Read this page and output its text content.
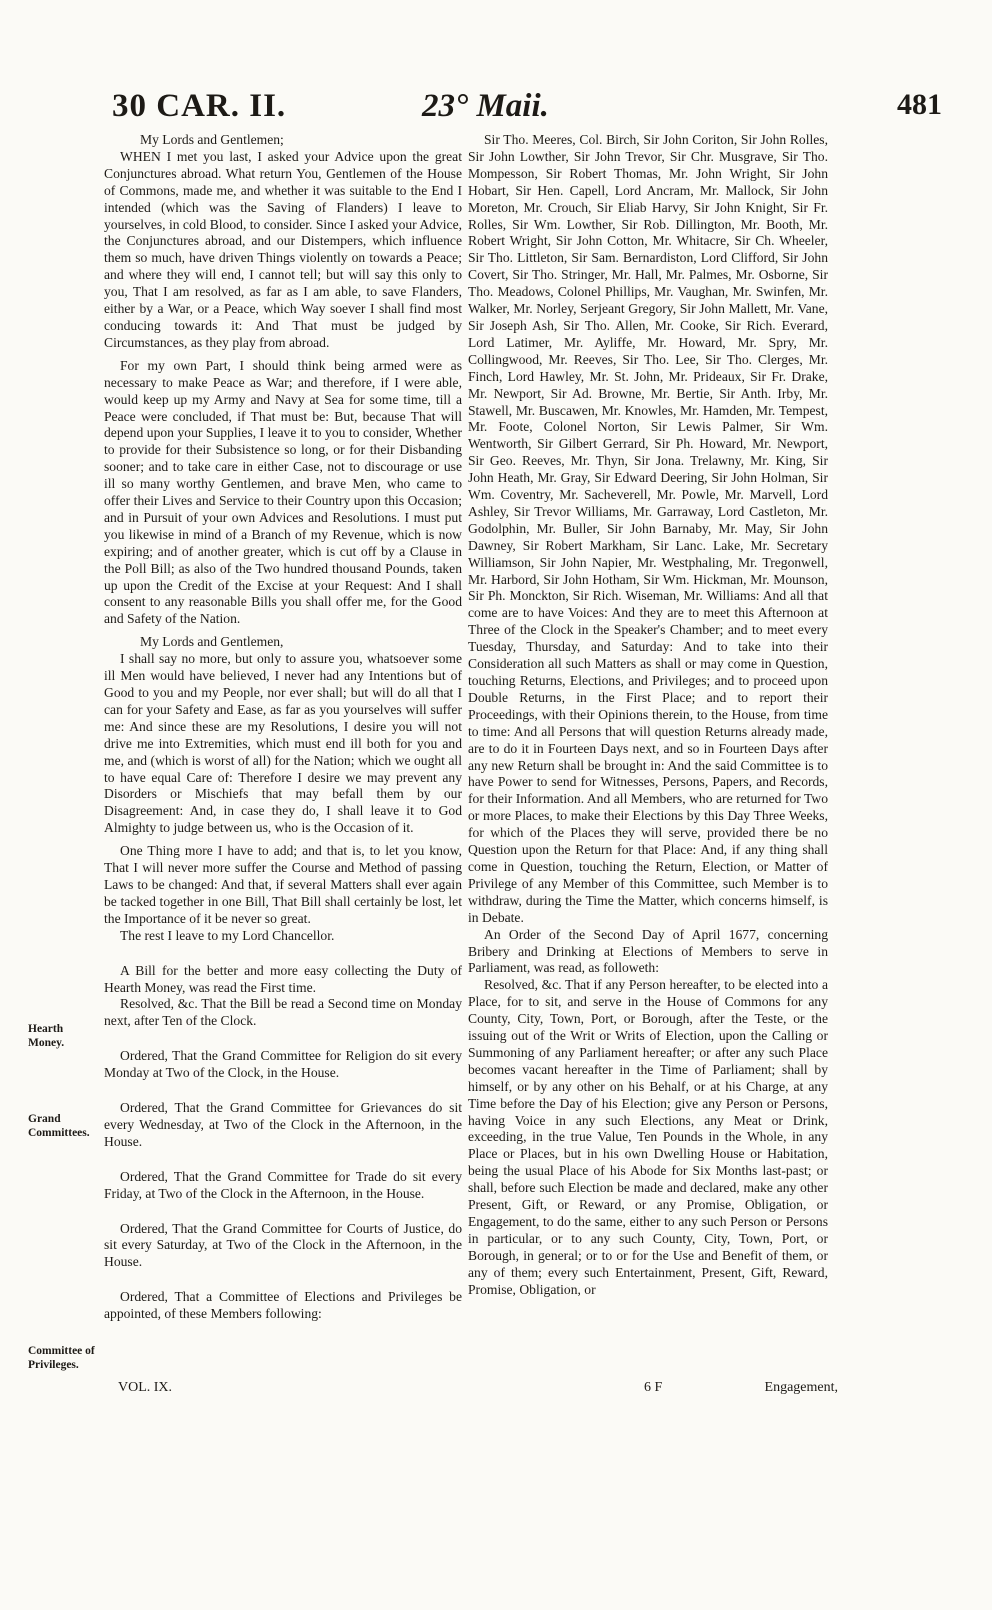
30 CAR. II.	23° Maii.	481
Hearth Money.
Grand Committees.
Committee of Privileges.

My Lords and Gentlemen;

WHEN I met you last, I asked your Advice upon the great Conjunctures abroad. What return You, Gentlemen of the House of Commons, made me, and whether it was suitable to the End I intended (which was the Saving of Flanders) I leave to yourselves, in cold Blood, to consider. Since I asked your Advice, the Conjunctures abroad, and our Distempers, which influence them so much, have driven Things violently on towards a Peace; and where they will end, I cannot tell; but will say this only to you, That I am resolved, as far as I am able, to save Flanders, either by a War, or a Peace, which Way soever I shall find most conducing towards it: And That must be judged by Circumstances, as they play from abroad.

For my own Part, I should think being armed were as necessary to make Peace as War; and therefore, if I were able, would keep up my Army and Navy at Sea for some time, till a Peace were concluded, if That must be: But, because That will depend upon your Supplies, I leave it to you to consider, Whether to provide for their Subsistence so long, or for their Disbanding sooner; and to take care in either Case, not to discourage or use ill so many worthy Gentlemen, and brave Men, who came to offer their Lives and Service to their Country upon this Occasion; and in Pursuit of your own Advices and Resolutions. I must put you likewise in mind of a Branch of my Revenue, which is now expiring; and of another greater, which is cut off by a Clause in the Poll Bill; as also of the Two hundred thousand Pounds, taken up upon the Credit of the Excise at your Request: And I shall consent to any reasonable Bills you shall offer me, for the Good and Safety of the Nation.

My Lords and Gentlemen,

I shall say no more, but only to assure you, whatsoever some ill Men would have believed, I never had any Intentions but of Good to you and my People, nor ever shall; but will do all that I can for your Safety and Ease, as far as you yourselves will suffer me: And since these are my Resolutions, I desire you will not drive me into Extremities, which must end ill both for you and me, and (which is worst of all) for the Nation; which we ought all to have equal Care of: Therefore I desire we may prevent any Disorders or Mischiefs that may befall them by our Disagreement: And, in case they do, I shall leave it to God Almighty to judge between us, who is the Occasion of it.

One Thing more I have to add; and that is, to let you know, That I will never more suffer the Course and Method of passing Laws to be changed: And that, if several Matters shall ever again be tacked together in one Bill, That Bill shall certainly be lost, let the Importance of it be never so great.

The rest I leave to my Lord Chancellor.

A Bill for the better and more easy collecting the Duty of Hearth Money, was read the First time.

Resolved, &c. That the Bill be read a Second time on Monday next, after Ten of the Clock.

Ordered, That the Grand Committee for Religion do sit every Monday at Two of the Clock, in the House.

Ordered, That the Grand Committee for Grievances do sit every Wednesday, at Two of the Clock in the Afternoon, in the House.

Ordered, That the Grand Committee for Trade do sit every Friday, at Two of the Clock in the Afternoon, in the House.

Ordered, That the Grand Committee for Courts of Justice, do sit every Saturday, at Two of the Clock in the Afternoon, in the House.

Ordered, That a Committee of Elections and Privileges be appointed, of these Members following:

Sir Tho. Meeres, Col. Birch, Sir John Coriton, Sir John Rolles, Sir John Lowther, Sir John Trevor, Sir Chr. Musgrave, Sir Tho. Mompesson, Sir Robert Thomas, Mr. John Wright, Sir John Hobart, Sir Hen. Capell, Lord Ancram, Mr. Mallock, Sir John Moreton, Mr. Crouch, Sir Eliab Harvy, Sir John Knight, Sir Fr. Rolles, Sir Wm. Lowther, Sir Rob. Dillington, Mr. Booth, Mr. Robert Wright, Sir John Cotton, Mr. Whitacre, Sir Ch. Wheeler, Sir Tho. Littleton, Sir Sam. Bernardiston, Lord Clifford, Sir John Covert, Sir Tho. Stringer, Mr. Hall, Mr. Palmes, Mr. Osborne, Sir Tho. Meadows, Colonel Phillips, Mr. Vaughan, Mr. Swinfen, Mr. Walker, Mr. Norley, Serjeant Gregory, Sir John Mallett, Mr. Vane, Sir Joseph Ash, Sir Tho. Allen, Mr. Cooke, Sir Rich. Everard, Lord Latimer, Mr. Ayliffe, Mr. Howard, Mr. Spry, Mr. Collingwood, Mr. Reeves, Sir Tho. Lee, Sir Tho. Clerges, Mr. Finch, Lord Hawley, Mr. St. John, Mr. Prideaux, Sir Fr. Drake, Mr. Newport, Sir Ad. Browne, Mr. Bertie, Sir Anth. Irby, Mr. Stawell, Mr. Buscawen, Mr. Knowles, Mr. Hamden, Mr. Tempest, Mr. Foote, Colonel Norton, Sir Lewis Palmer, Sir Wm. Wentworth, Sir Gilbert Gerrard, Sir Ph. Howard, Mr. Newport, Sir Geo. Reeves, Mr. Thyn, Sir Jona. Trelawny, Mr. King, Sir John Heath, Mr. Gray, Sir Edward Deering, Sir John Holman, Sir Wm. Coventry, Mr. Sacheverell, Mr. Powle, Mr. Marvell, Lord Ashley, Sir Trevor Williams, Mr. Garraway, Lord Castleton, Mr. Godolphin, Mr. Buller, Sir John Barnaby, Mr. May, Sir John Dawney, Sir Robert Markham, Sir Lanc. Lake, Mr. Secretary Williamson, Sir John Napier, Mr. Westphaling, Mr. Tregonwell, Mr. Harbord, Sir John Hotham, Sir Wm. Hickman, Mr. Mounson, Sir Ph. Monckton, Sir Rich. Wiseman, Mr. Williams: And all that come are to have Voices: And they are to meet this Afternoon at Three of the Clock in the Speaker's Chamber; and to meet every Tuesday, Thursday, and Saturday: And to take into their Consideration all such Matters as shall or may come in Question, touching Returns, Elections, and Privileges; and to proceed upon Double Returns, in the First Place; and to report their Proceedings, with their Opinions therein, to the House, from time to time: And all Persons that will question Returns already made, are to do it in Fourteen Days next, and so in Fourteen Days after any new Return shall be brought in: And the said Committee is to have Power to send for Witnesses, Persons, Papers, and Records, for their Information. And all Members, who are returned for Two or more Places, to make their Elections by this Day Three Weeks, for which of the Places they will serve, provided there be no Question upon the Return for that Place: And, if any thing shall come in Question, touching the Return, Election, or Matter of Privilege of any Member of this Committee, such Member is to withdraw, during the Time the Matter, which concerns himself, is in Debate.

An Order of the Second Day of April 1677, concerning Bribery and Drinking at Elections of Members to serve in Parliament, was read, as followeth:

Resolved, &c. That if any Person hereafter, to be elected into a Place, for to sit, and serve in the House of Commons for any County, City, Town, Port, or Borough, after the Teste, or the issuing out of the Writ or Writs of Election, upon the Calling or Summoning of any Parliament hereafter; or after any such Place becomes vacant hereafter in the Time of Parliament; shall by himself, or by any other on his Behalf, or at his Charge, at any Time before the Day of his Election; give any Person or Persons, having Voice in any such Elections, any Meat or Drink, exceeding, in the true Value, Ten Pounds in the Whole, in any Place or Places, but in his own Dwelling House or Habitation, being the usual Place of his Abode for Six Months last-past; or shall, before such Election be made and declared, make any other Present, Gift, or Reward, or any Promise, Obligation, or Engagement, to do the same, either to any such Person or Persons in particular, or to any such County, City, Town, Port, or Borough, in general; or to or for the Use and Benefit of them, or any of them; every such Entertainment, Present, Gift, Reward, Promise, Obligation, or

VOL. IX.	6 F	Engagement,
